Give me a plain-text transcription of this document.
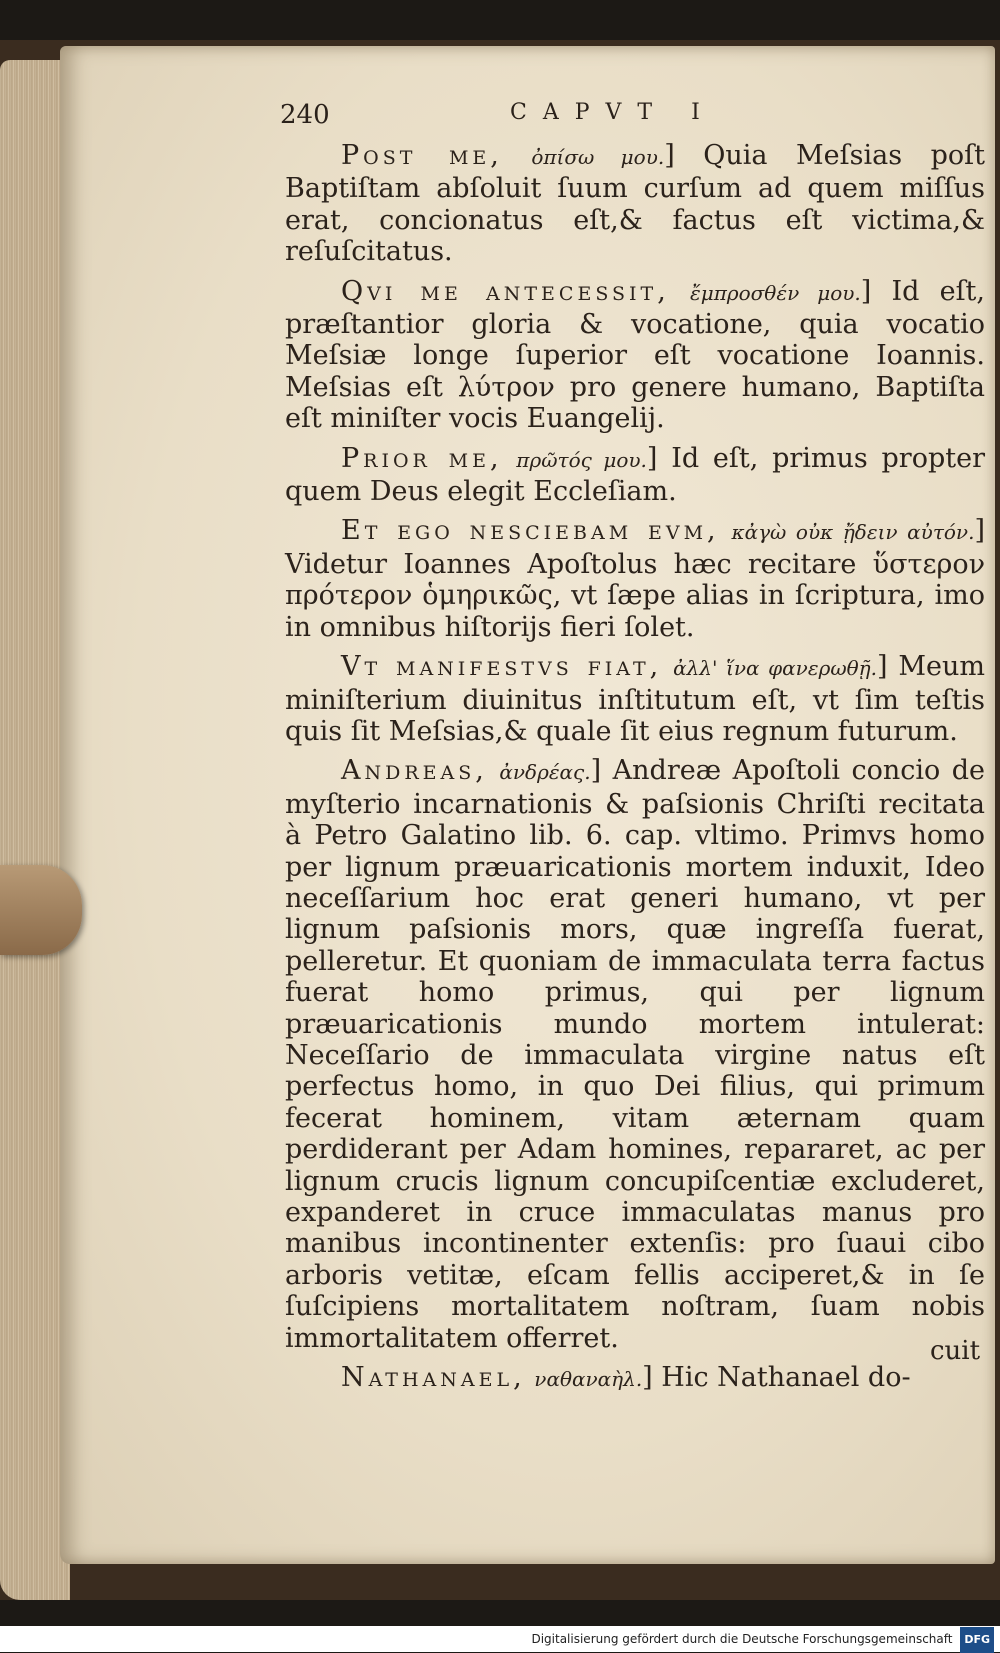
240	CAPVT I

Post me, ὀπίσω μου.] Quia Meſsias poſt Baptiſtam abſoluit ſuum curſum ad quem miſſus erat, concionatus eſt,& factus eſt victima,& reſuſcitatus.

Qvi me antecessit, ἔμπροσθέν μου.] Id eſt, præſtantior gloria & vocatione, quia vocatio Meſsiæ longe ſuperior eſt vocatione Ioannis. Meſsias eſt λύτρον pro genere humano, Baptiſta eſt miniſter vocis Euangelij.

Prior me, πρῶτός μου.] Id eſt, primus propter quem Deus elegit Eccleſiam.

Et ego nesciebam evm, κἀγὼ οὐκ ᾔδειν αὐτόν.] Videtur Ioannes Apoſtolus hæc recitare ὕστερον πρότερον ὁμηρικῶς, vt ſæpe alias in ſcriptura, imo in omnibus hiſtorijs fieri ſolet.

Vt manifestvs fiat, ἀλλ' ἵνα φανερωθῇ.] Meum miniſterium diuinitus inſtitutum eſt, vt ſim teſtis quis ſit Meſsias,& quale ſit eius regnum futurum.

Andreas, ἀνδρέας.] Andreæ Apoſtoli concio de myſterio incarnationis & paſsionis Chriſti recitata à Petro Galatino lib. 6. cap. vltimo. Primvs homo per lignum præuaricationis mortem induxit, Ideo neceſſarium hoc erat generi humano, vt per lignum paſsionis mors, quæ ingreſſa fuerat, pelleretur. Et quoniam de immaculata terra factus fuerat homo primus, qui per lignum præuaricationis mundo mortem intulerat: Neceſſario de immaculata virgine natus eſt perfectus homo, in quo Dei filius, qui primum fecerat hominem, vitam æternam quam perdiderant per Adam homines, repararet, ac per lignum crucis lignum concupiſcentiæ excluderet, expanderet in cruce immaculatas manus pro manibus incontinenter extenſis: pro ſuaui cibo arboris vetitæ, eſcam fellis acciperet,& in ſe ſuſcipiens mortalitatem noſtram, ſuam nobis immortalitatem offerret.

Nathanael, ναθαναὴλ.] Hic Nathanael do-

cuit
Digitalisierung gefördert durch die Deutsche Forschungsgemeinschaft DFG
